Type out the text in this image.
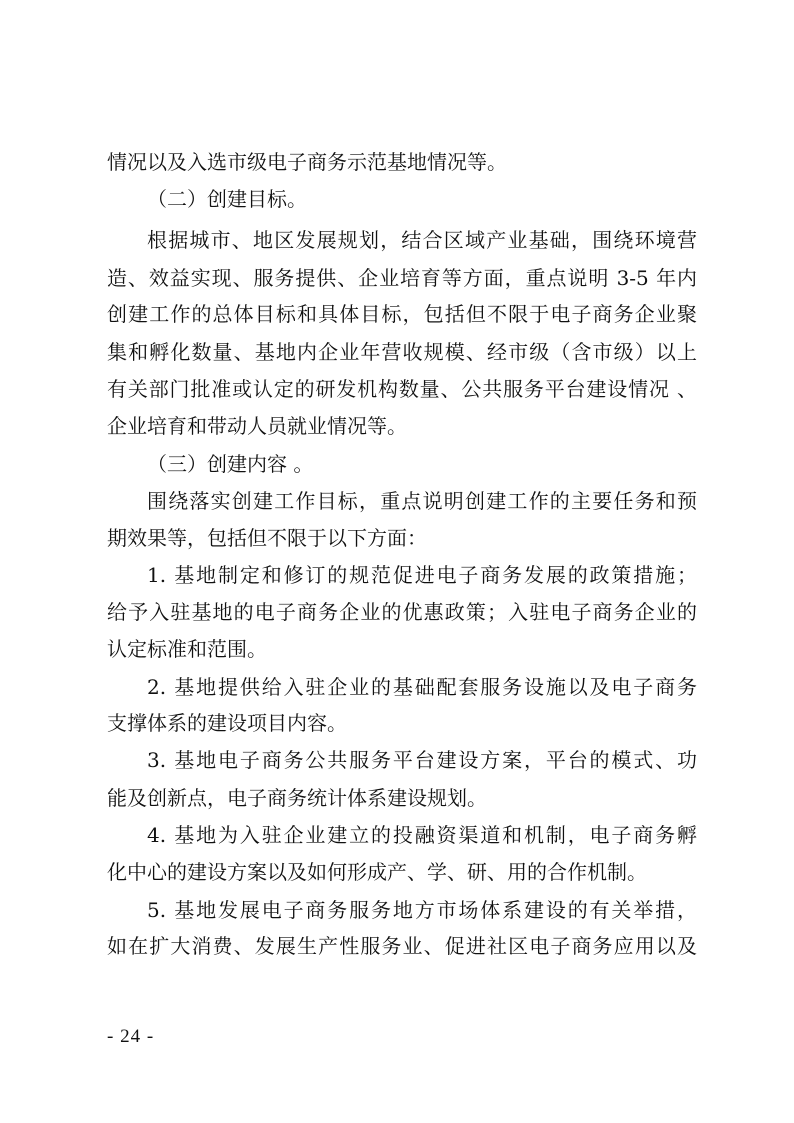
情况以及入选市级电子商务示范基地情况等。
（二）创建目标。
根据城市、地区发展规划，结合区域产业基础，围绕环境营
造、效益实现、服务提供、企业培育等方面，重点说明 3-5 年内
创建工作的总体目标和具体目标，包括但不限于电子商务企业聚
集和孵化数量、基地内企业年营收规模、经市级（含市级）以上
有关部门批准或认定的研发机构数量、公共服务平台建设情况 、
企业培育和带动人员就业情况等。
（三）创建内容 。
围绕落实创建工作目标，重点说明创建工作的主要任务和预
期效果等，包括但不限于以下方面：
1. 基地制定和修订的规范促进电子商务发展的政策措施；
给予入驻基地的电子商务企业的优惠政策；入驻电子商务企业的
认定标准和范围。
2. 基地提供给入驻企业的基础配套服务设施以及电子商务
支撑体系的建设项目内容。
3. 基地电子商务公共服务平台建设方案，平台的模式、功
能及创新点，电子商务统计体系建设规划。
4. 基地为入驻企业建立的投融资渠道和机制，电子商务孵
化中心的建设方案以及如何形成产、学、研、用的合作机制。
5. 基地发展电子商务服务地方市场体系建设的有关举措，
如在扩大消费、发展生产性服务业、促进社区电子商务应用以及
- 24 -
